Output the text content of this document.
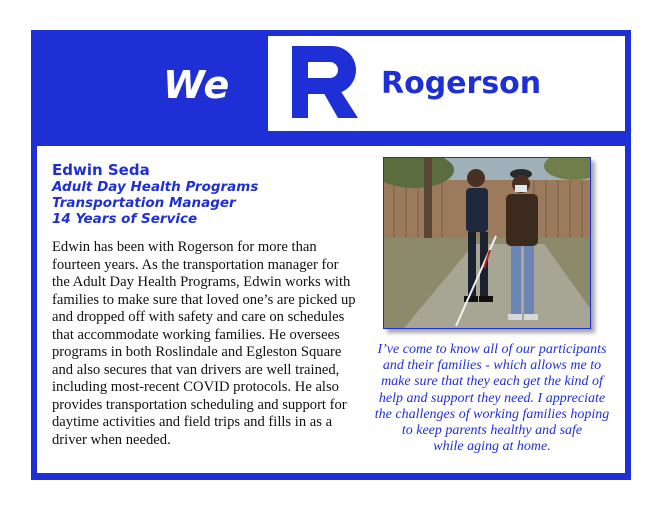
We	Rogerson
Edwin Seda
Adult Day Health Programs
Transportation Manager
14 Years of Service
Edwin has been with Rogerson for more than
fourteen years. As the transportation manager for
the Adult Day Health Programs, Edwin works with
families to make sure that loved one’s are picked up
and dropped off with safety and care on schedules
that accommodate working families. He oversees
programs in both Roslindale and Egleston Square
and also secures that van drivers are well trained,
including most-recent COVID protocols. He also
provides transportation scheduling and support for
daytime activities and field trips and fills in as a
driver when needed.
I’ve come to know all of our participants
and their families - which allows me to
make sure that they each get the kind of
help and support they need. I appreciate
the challenges of working families hoping
to keep parents healthy and safe
while aging at home.
